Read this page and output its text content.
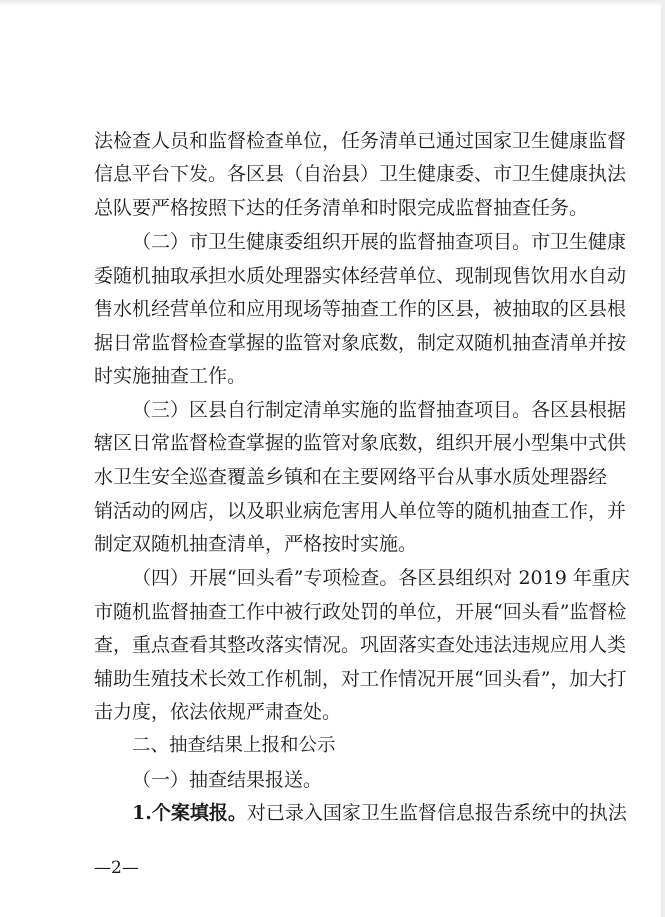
法检查人员和监督检查单位，任务清单已通过国家卫生健康监督
信息平台下发。各区县（自治县）卫生健康委、市卫生健康执法
总队要严格按照下达的任务清单和时限完成监督抽查任务。
（二）市卫生健康委组织开展的监督抽查项目。市卫生健康
委随机抽取承担水质处理器实体经营单位、现制现售饮用水自动
售水机经营单位和应用现场等抽查工作的区县，被抽取的区县根
据日常监督检查掌握的监管对象底数，制定双随机抽查清单并按
时实施抽查工作。
（三）区县自行制定清单实施的监督抽查项目。各区县根据
辖区日常监督检查掌握的监管对象底数，组织开展小型集中式供
水卫生安全巡查覆盖乡镇和在主要网络平台从事水质处理器经
销活动的网店，以及职业病危害用人单位等的随机抽查工作，并
制定双随机抽查清单，严格按时实施。
（四）开展“回头看”专项检查。各区县组织对 2019 年重庆
市随机监督抽查工作中被行政处罚的单位，开展“回头看”监督检
查，重点查看其整改落实情况。巩固落实查处违法违规应用人类
辅助生殖技术长效工作机制，对工作情况开展“回头看”，加大打
击力度，依法依规严肃查处。
二、抽查结果上报和公示
（一）抽查结果报送。
1.个案填报。对已录入国家卫生监督信息报告系统中的执法
—2—
